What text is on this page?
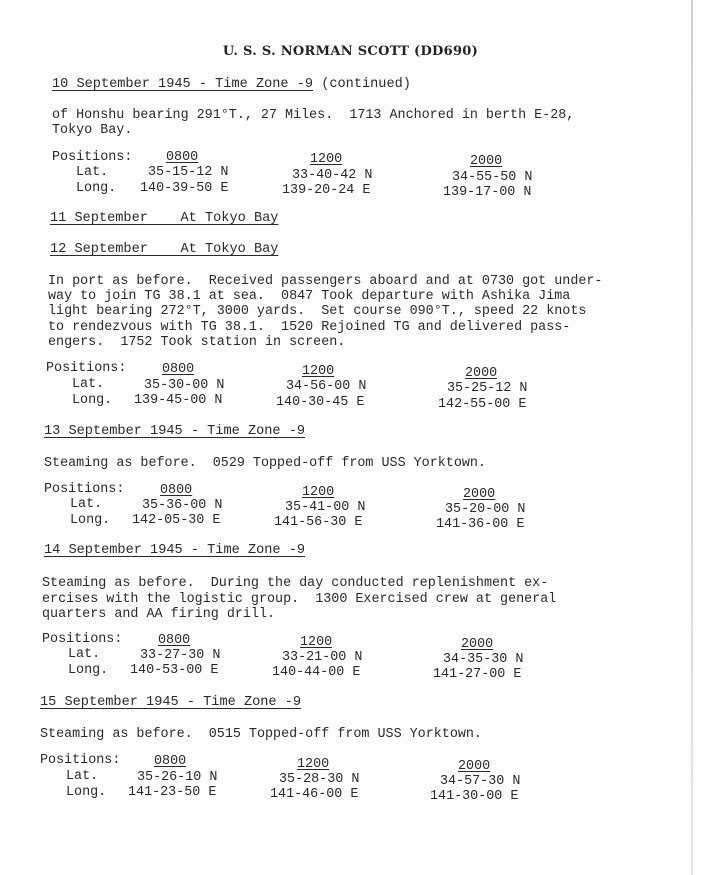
U. S. S. NORMAN SCOTT (DD690)
10 September 1945 - Time Zone -9 (continued)
of Honshu bearing 291°T., 27 Miles.  1713 Anchored in berth E-28,
Tokyo Bay.
Positions:	0800	1200	2000
Lat.	35-15-12 N	33-40-42 N	34-55-50 N
Long. 140-39-50 E	139-20-24 E	139-17-00 N
11 September    At Tokyo Bay
12 September    At Tokyo Bay
In port as before.  Received passengers aboard and at 0730 got under-
way to join TG 38.1 at sea.  0847 Took departure with Ashika Jima
light bearing 272°T, 3000 yards.  Set course 090°T., speed 22 knots
to rendezvous with TG 38.1.  1520 Rejoined TG and delivered pass-
engers.  1752 Took station in screen.
Positions:	0800	1200	2000
Lat.	35-30-00 N	34-56-00 N	35-25-12 N
Long. 139-45-00 N	140-30-45 E	142-55-00 E
13 September 1945 - Time Zone -9
Steaming as before.  0529 Topped-off from USS Yorktown.
Positions:	0800	1200	2000
Lat.	35-36-00 N	35-41-00 N	35-20-00 N
Long. 142-05-30 E	141-56-30 E	141-36-00 E
14 September 1945 - Time Zone -9
Steaming as before.  During the day conducted replenishment ex-
ercises with the logistic group.  1300 Exercised crew at general
quarters and AA firing drill.
Positions:	0800	1200	2000
Lat.	33-27-30 N	33-21-00 N	34-35-30 N
Long. 140-53-00 E	140-44-00 E	141-27-00 E
15 September 1945 - Time Zone -9
Steaming as before.  0515 Topped-off from USS Yorktown.
Positions:	0800	1200	2000
Lat.	35-26-10 N	35-28-30 N	34-57-30 N
Long. 141-23-50 E	141-46-00 E	141-30-00 E
